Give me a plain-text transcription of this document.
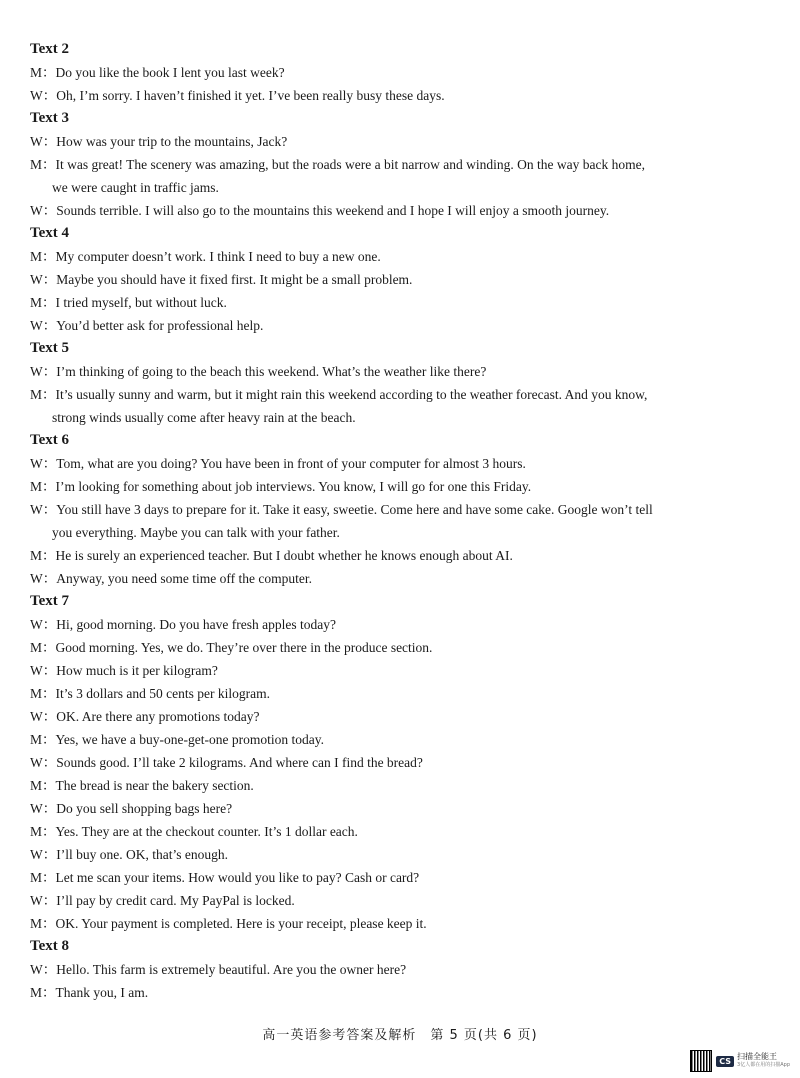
Text 2
M： Do you like the book I lent you last week?
W： Oh, I’m sorry. I haven’t finished it yet. I’ve been really busy these days.
Text 3
W： How was your trip to the mountains, Jack?
M： It was great! The scenery was amazing, but the roads were a bit narrow and winding. On the way back home,
we were caught in traffic jams.
W： Sounds terrible. I will also go to the mountains this weekend and I hope I will enjoy a smooth journey.
Text 4
M： My computer doesn’t work. I think I need to buy a new one.
W： Maybe you should have it fixed first. It might be a small problem.
M： I tried myself, but without luck.
W： You’d better ask for professional help.
Text 5
W： I’m thinking of going to the beach this weekend. What’s the weather like there?
M： It’s usually sunny and warm, but it might rain this weekend according to the weather forecast. And you know,
strong winds usually come after heavy rain at the beach.
Text 6
W： Tom, what are you doing? You have been in front of your computer for almost 3 hours.
M： I’m looking for something about job interviews. You know, I will go for one this Friday.
W： You still have 3 days to prepare for it. Take it easy, sweetie. Come here and have some cake. Google won’t tell
you everything. Maybe you can talk with your father.
M： He is surely an experienced teacher. But I doubt whether he knows enough about AI.
W： Anyway, you need some time off the computer.
Text 7
W： Hi, good morning. Do you have fresh apples today?
M： Good morning. Yes, we do. They’re over there in the produce section.
W： How much is it per kilogram?
M： It’s 3 dollars and 50 cents per kilogram.
W： OK. Are there any promotions today?
M： Yes, we have a buy-one-get-one promotion today.
W： Sounds good. I’ll take 2 kilograms. And where can I find the bread?
M： The bread is near the bakery section.
W： Do you sell shopping bags here?
M： Yes. They are at the checkout counter. It’s 1 dollar each.
W： I’ll buy one. OK, that’s enough.
M： Let me scan your items. How would you like to pay? Cash or card?
W： I’ll pay by credit card. My PayPal is locked.
M： OK. Your payment is completed. Here is your receipt, please keep it.
Text 8
W： Hello. This farm is extremely beautiful. Are you the owner here?
M： Thank you, I am.
高一英语参考答案及解析　第 5 页(共 6 页)
CS 扫描全能王
3亿人都在用的扫描App
